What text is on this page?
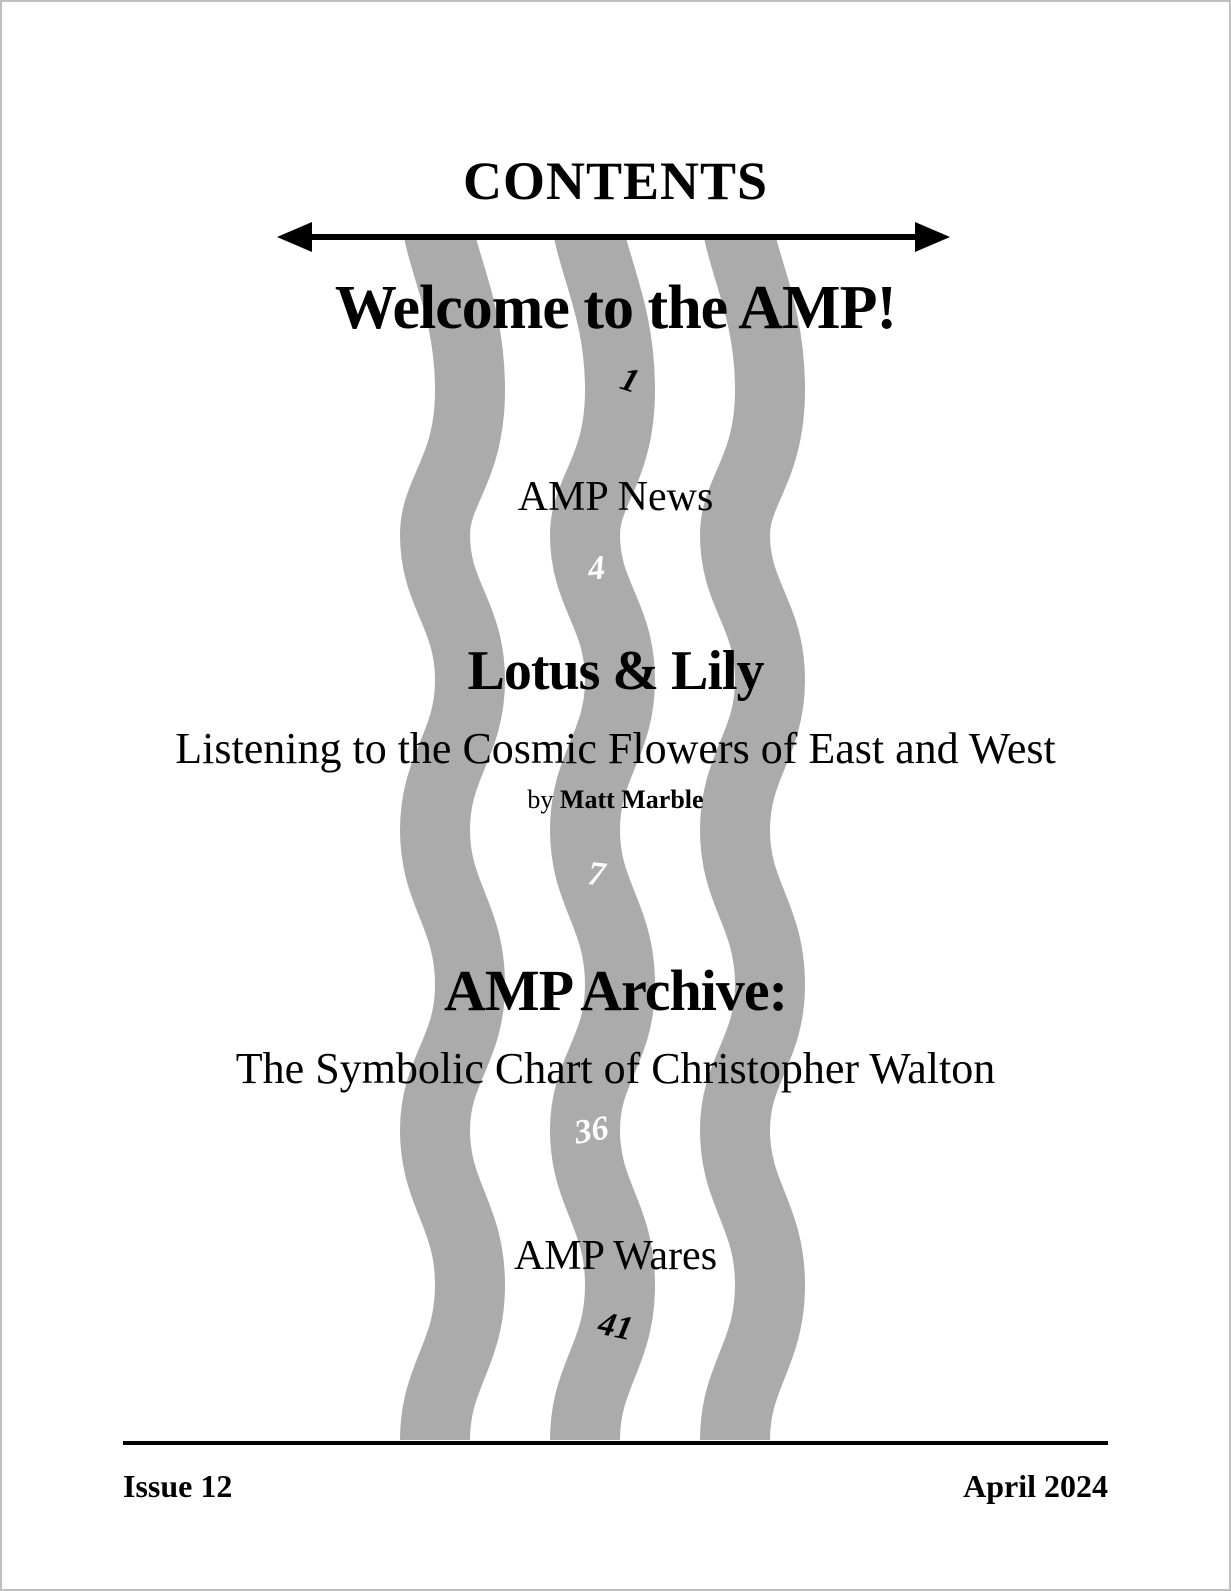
CONTENTS
Welcome to the AMP!
1
AMP News
4
Lotus & Lily
Listening to the Cosmic Flowers of East and West
by Matt Marble
7
AMP Archive:
The Symbolic Chart of Christopher Walton
36
AMP Wares
41
Issue 12	April 2024
